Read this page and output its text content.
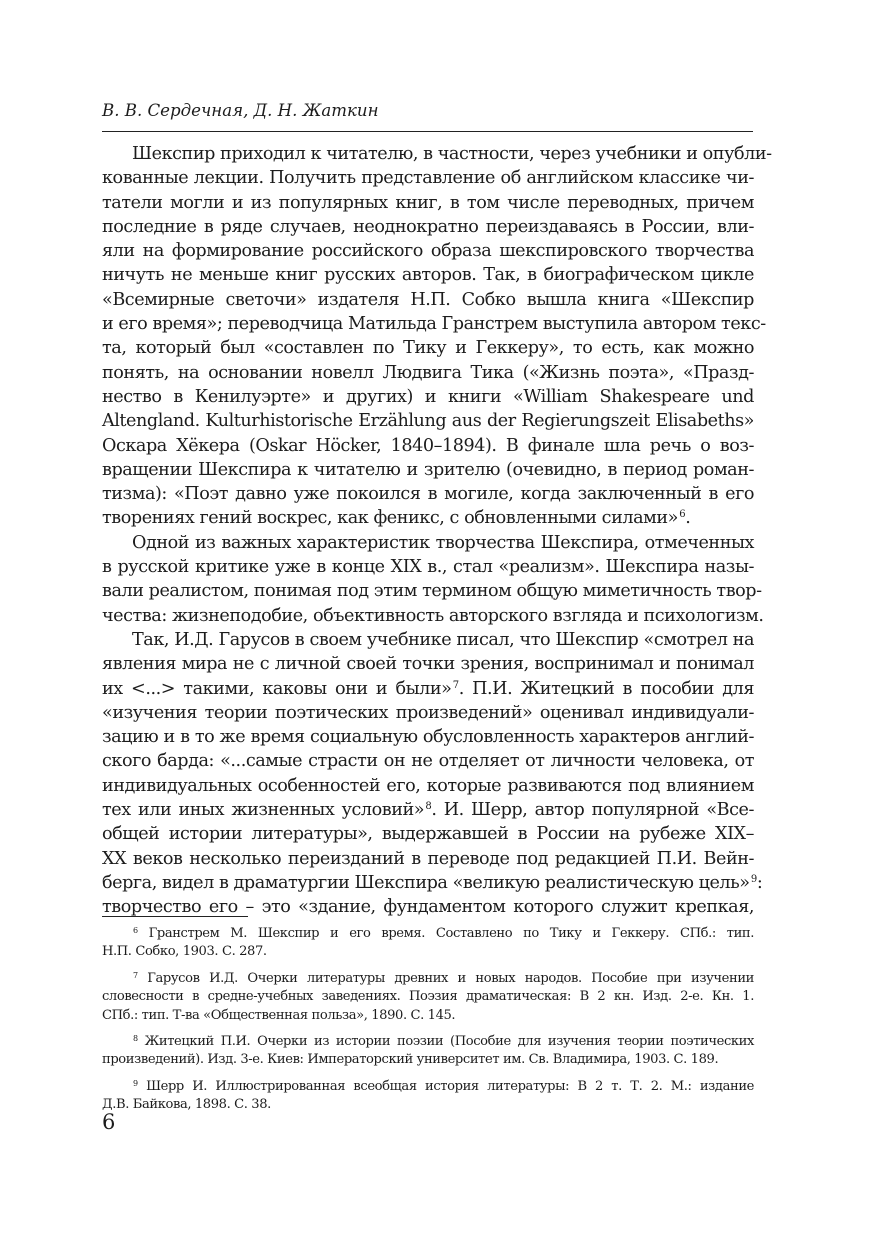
В. В. Сердечная, Д. Н. Жаткин
Шекспир приходил к читателю, в частности, через учебники и опубли-
кованные лекции. Получить представление об английском классике чи-
татели могли и из популярных книг, в том числе переводных, причем
последние в ряде случаев, неоднократно переиздаваясь в России, вли-
яли на формирование российского образа шекспировского творчества
ничуть не меньше книг русских авторов. Так, в биографическом цикле
«Всемирные светочи» издателя Н.П. Собко вышла книга «Шекспир
и его время»; переводчица Матильда Гранстрем выступила автором текс-
та, который был «составлен по Тику и Геккеру», то есть, как можно
понять, на основании новелл Людвига Тика («Жизнь поэта», «Празд-
нество в Кенилуэрте» и других) и книги «William Shakespeare und
Altengland. Kulturhistorische Erzählung aus der Regierungszeit Elisabeths»
Оскара Хёкера (Oskar Höcker, 1840–1894). В финале шла речь о воз-
вращении Шекспира к читателю и зрителю (очевидно, в период роман-
тизма): «Поэт давно уже покоился в могиле, когда заключенный в его
творениях гений воскрес, как феникс, с обновленными силами» $^6$.
Одной из важных характеристик творчества Шекспира, отмеченных
в русской критике уже в конце XIX в., стал «реализм». Шекспира назы-
вали реалистом, понимая под этим термином общую миметичность твор-
чества: жизнеподобие, объективность авторского взгляда и психологизм.
Так, И.Д. Гарусов в своем учебнике писал, что Шекспир «смотрел на
явления мира не с личной своей точки зрения, воспринимал и понимал
их <...> такими, каковы они и были» $^7$. П.И. Житецкий в пособии для
«изучения теории поэтических произведений» оценивал индивидуали-
зацию и в то же время социальную обусловленность характеров англий-
ского барда: «...самые страсти он не отделяет от личности человека, от
индивидуальных особенностей его, которые развиваются под влиянием
тех или иных жизненных условий» $^8$. И. Шерр, автор популярной «Все-
общей истории литературы», выдержавшей в России на рубеже XIX–
XX веков несколько переизданий в переводе под редакцией П.И. Вейн-
берга, видел в драматургии Шекспира «великую реалистическую цель» $^9$:
творчество его – это «здание, фундаментом которого служит крепкая,
$^6$ Гранстрем М. Шекспир и его время. Составлено по Тику и Геккеру. СПб.: тип.
Н.П. Собко, 1903. С. 287.
$^7$ Гарусов И.Д. Очерки литературы древних и новых народов. Пособие при изучении
словесности в средне-учебных заведениях. Поэзия драматическая: В 2 кн. Изд. 2-е. Кн. 1.
СПб.: тип. Т-ва «Общественная польза», 1890. С. 145.
$^8$ Житецкий П.И. Очерки из истории поэзии (Пособие для изучения теории поэтических
произведений). Изд. 3-е. Киев: Императорский университет им. Св. Владимира, 1903. С. 189.
$^9$ Шерр И. Иллюстрированная всеобщая история литературы: В 2 т. Т. 2. М.: издание
Д.В. Байкова, 1898. С. 38.
6
